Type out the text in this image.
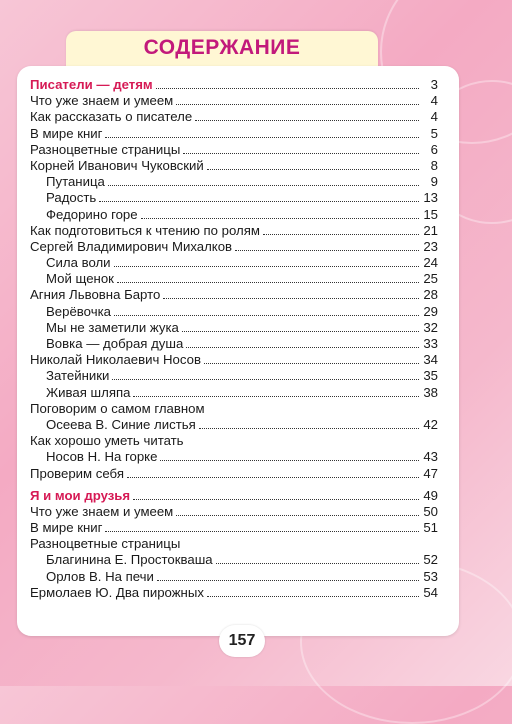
СОДЕРЖАНИЕ
Писатели — детям	3
Что уже знаем и умеем	4
Как рассказать о писателе	4
В мире книг	5
Разноцветные страницы	6
Корней Иванович Чуковский	8
Путаница	9
Радость	13
Федорино горе	15
Как подготовиться к чтению по ролям	21
Сергей Владимирович Михалков	23
Сила воли	24
Мой щенок	25
Агния Львовна Барто	28
Верёвочка	29
Мы не заметили жука	32
Вовка — добрая душа	33
Николай Николаевич Носов	34
Затейники	35
Живая шляпа	38
Поговорим о самом главном
Осеева В. Синие листья	42
Как хорошо уметь читать
Носов Н. На горке	43
Проверим себя	47
Я и мои друзья	49
Что уже знаем и умеем	50
В мире книг	51
Разноцветные страницы
Благинина Е. Простокваша	52
Орлов В. На печи	53
Ермолаев Ю. Два пирожных	54
157
